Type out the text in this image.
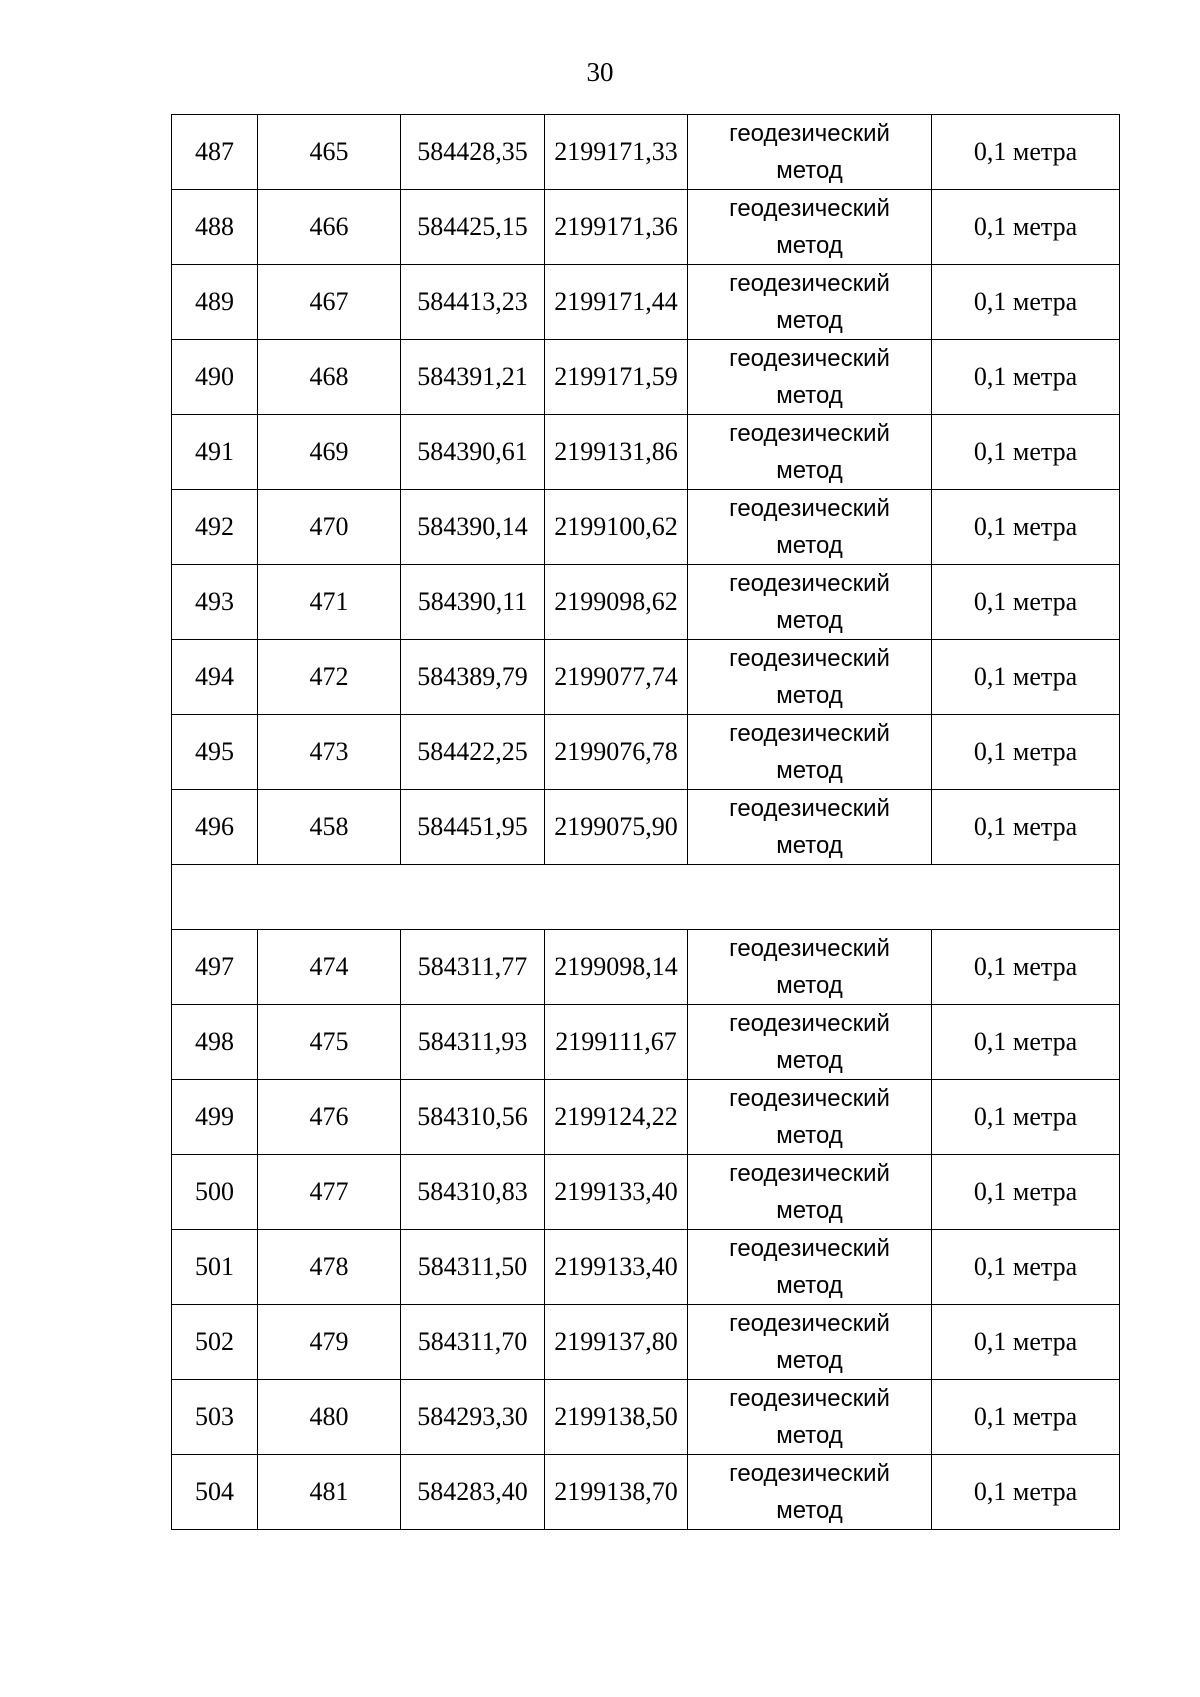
30
487	465	584428,35	2199171,33	геодезический
метод	0,1 метра
488	466	584425,15	2199171,36	геодезический
метод	0,1 метра
489	467	584413,23	2199171,44	геодезический
метод	0,1 метра
490	468	584391,21	2199171,59	геодезический
метод	0,1 метра
491	469	584390,61	2199131,86	геодезический
метод	0,1 метра
492	470	584390,14	2199100,62	геодезический
метод	0,1 метра
493	471	584390,11	2199098,62	геодезический
метод	0,1 метра
494	472	584389,79	2199077,74	геодезический
метод	0,1 метра
495	473	584422,25	2199076,78	геодезический
метод	0,1 метра
496	458	584451,95	2199075,90	геодезический
метод	0,1 метра

497	474	584311,77	2199098,14	геодезический
метод	0,1 метра
498	475	584311,93	2199111,67	геодезический
метод	0,1 метра
499	476	584310,56	2199124,22	геодезический
метод	0,1 метра
500	477	584310,83	2199133,40	геодезический
метод	0,1 метра
501	478	584311,50	2199133,40	геодезический
метод	0,1 метра
502	479	584311,70	2199137,80	геодезический
метод	0,1 метра
503	480	584293,30	2199138,50	геодезический
метод	0,1 метра
504	481	584283,40	2199138,70	геодезический
метод	0,1 метра
